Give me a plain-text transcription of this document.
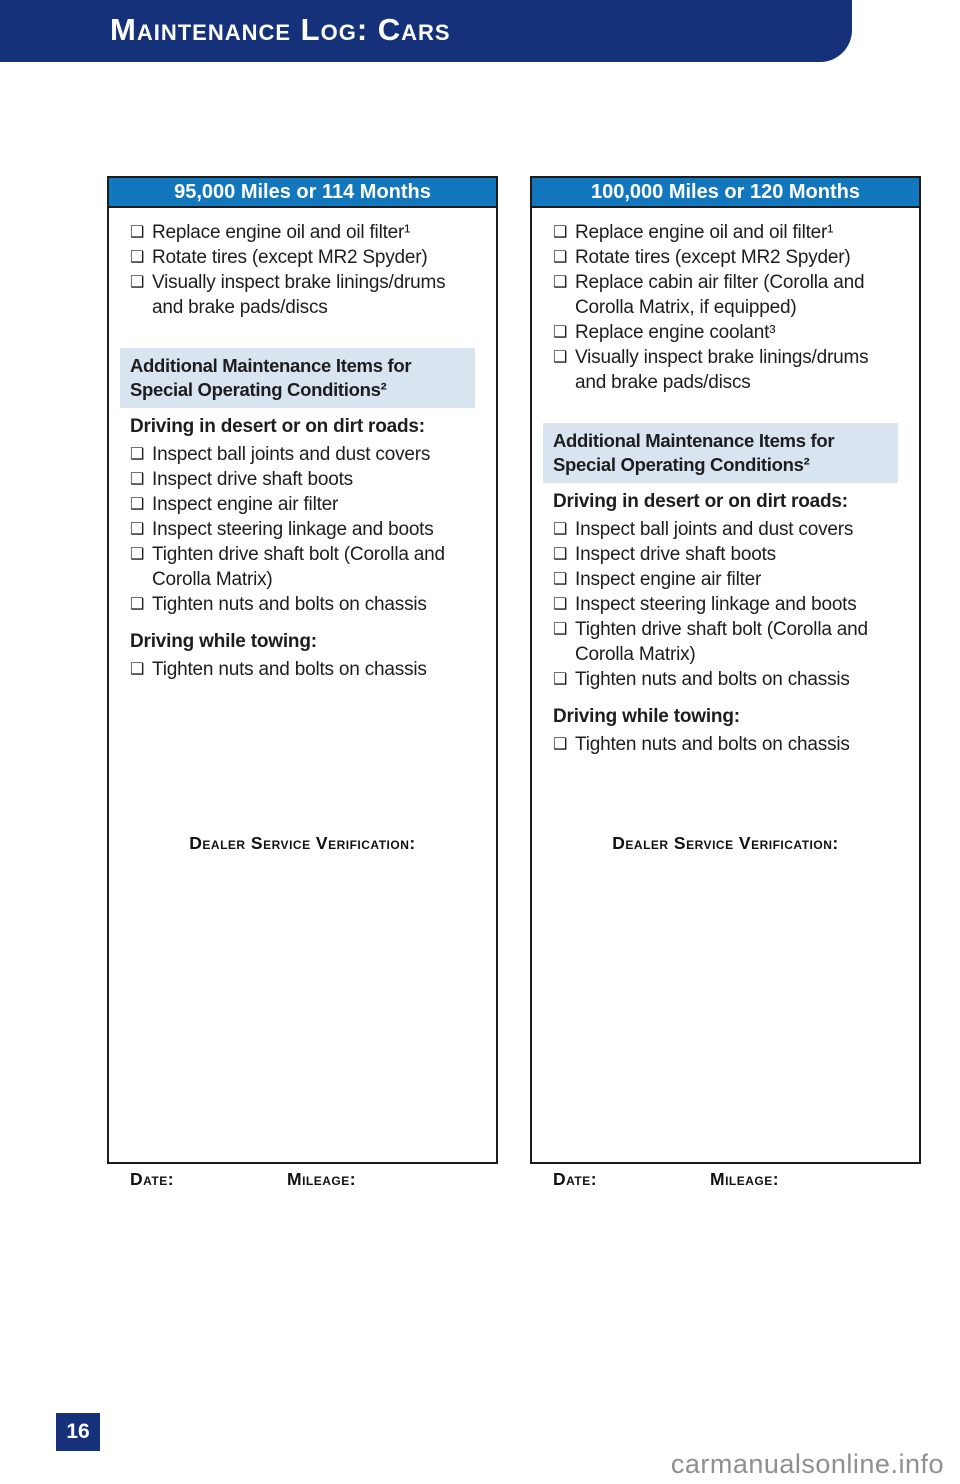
Maintenance Log: Cars
95,000 Miles or 114 Months
❑ Replace engine oil and oil filter¹
❑ Rotate tires (except MR2 Spyder)
❑ Visually inspect brake linings/drums and brake pads/discs
Additional Maintenance Items for Special Operating Conditions²
Driving in desert or on dirt roads:
❑ Inspect ball joints and dust covers
❑ Inspect drive shaft boots
❑ Inspect engine air filter
❑ Inspect steering linkage and boots
❑ Tighten drive shaft bolt (Corolla and Corolla Matrix)
❑ Tighten nuts and bolts on chassis
Driving while towing:
❑ Tighten nuts and bolts on chassis
Dealer Service Verification:
Date:	Mileage:
100,000 Miles or 120 Months
❑ Replace engine oil and oil filter¹
❑ Rotate tires (except MR2 Spyder)
❑ Replace cabin air filter (Corolla and Corolla Matrix, if equipped)
❑ Replace engine coolant³
❑ Visually inspect brake linings/drums and brake pads/discs
Additional Maintenance Items for Special Operating Conditions²
Driving in desert or on dirt roads:
❑ Inspect ball joints and dust covers
❑ Inspect drive shaft boots
❑ Inspect engine air filter
❑ Inspect steering linkage and boots
❑ Tighten drive shaft bolt (Corolla and Corolla Matrix)
❑ Tighten nuts and bolts on chassis
Driving while towing:
❑ Tighten nuts and bolts on chassis
Dealer Service Verification:
Date:	Mileage:
16
carmanualsonline.info
